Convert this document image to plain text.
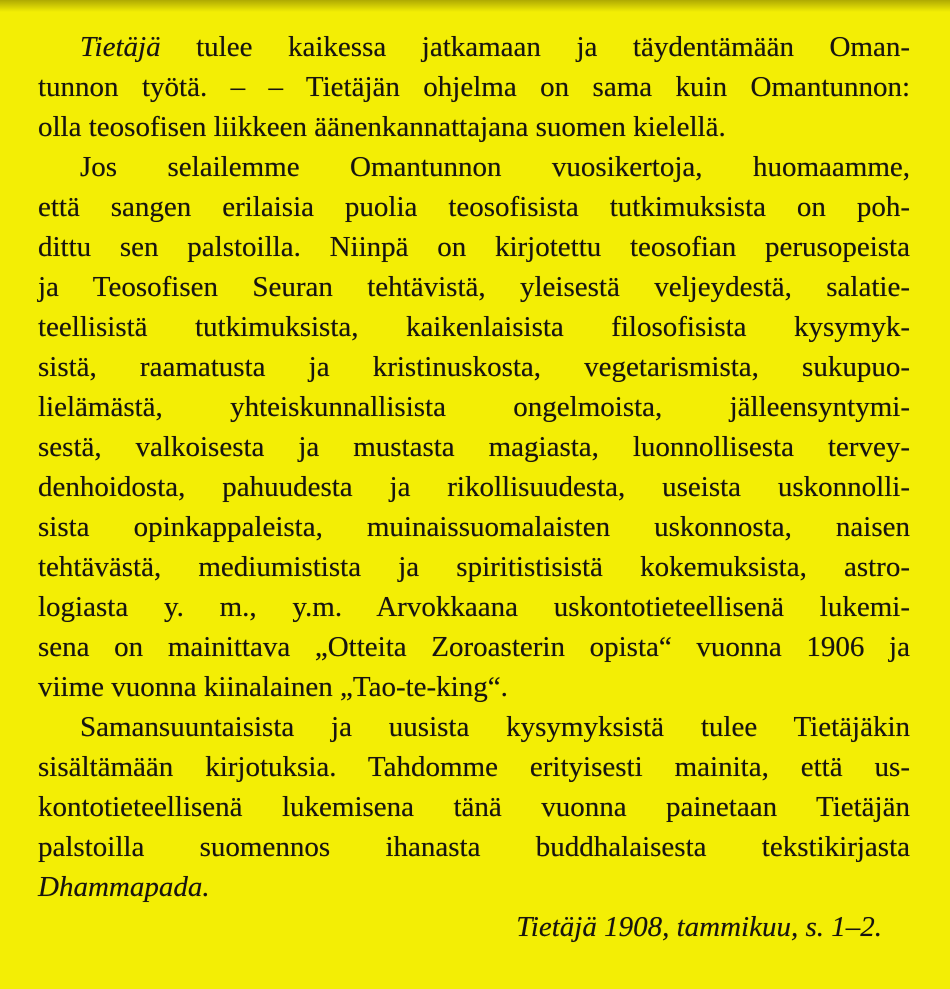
Tietäjä tulee kaikessa jatkamaan ja täydentämään Oman-
tunnon työtä. – – Tietäjän ohjelma on sama kuin Omantunnon:
olla teosofisen liikkeen äänenkannattajana suomen kielellä.
Jos selailemme Omantunnon vuosikertoja, huomaamme,
että sangen erilaisia puolia teosofisista tutkimuksista on poh-
dittu sen palstoilla. Niinpä on kirjotettu teosofian perusopeista
ja Teosofisen Seuran tehtävistä, yleisestä veljeydestä, salatie-
teellisistä tutkimuksista, kaikenlaisista filosofisista kysymyk-
sistä, raamatusta ja kristinuskosta, vegetarismista, sukupuo-
lielämästä, yhteiskunnallisista ongelmoista, jälleensyntymi-
sestä, valkoisesta ja mustasta magiasta, luonnollisesta tervey-
denhoidosta, pahuudesta ja rikollisuudesta, useista uskonnolli-
sista opinkappaleista, muinaissuomalaisten uskonnosta, naisen
tehtävästä, mediumistista ja spiritistisistä kokemuksista, astro-
logiasta y. m., y.m. Arvokkaana uskontotieteellisenä lukemi-
sena on mainittava „Otteita Zoroasterin opista“ vuonna 1906 ja
viime vuonna kiinalainen „Tao-te-king“.
Samansuuntaisista ja uusista kysymyksistä tulee Tietäjäkin
sisältämään kirjotuksia. Tahdomme erityisesti mainita, että us-
kontotieteellisenä lukemisena tänä vuonna painetaan Tietäjän
palstoilla suomennos ihanasta buddhalaisesta tekstikirjasta
Dhammapada.
Tietäjä 1908, tammikuu, s. 1–2.
